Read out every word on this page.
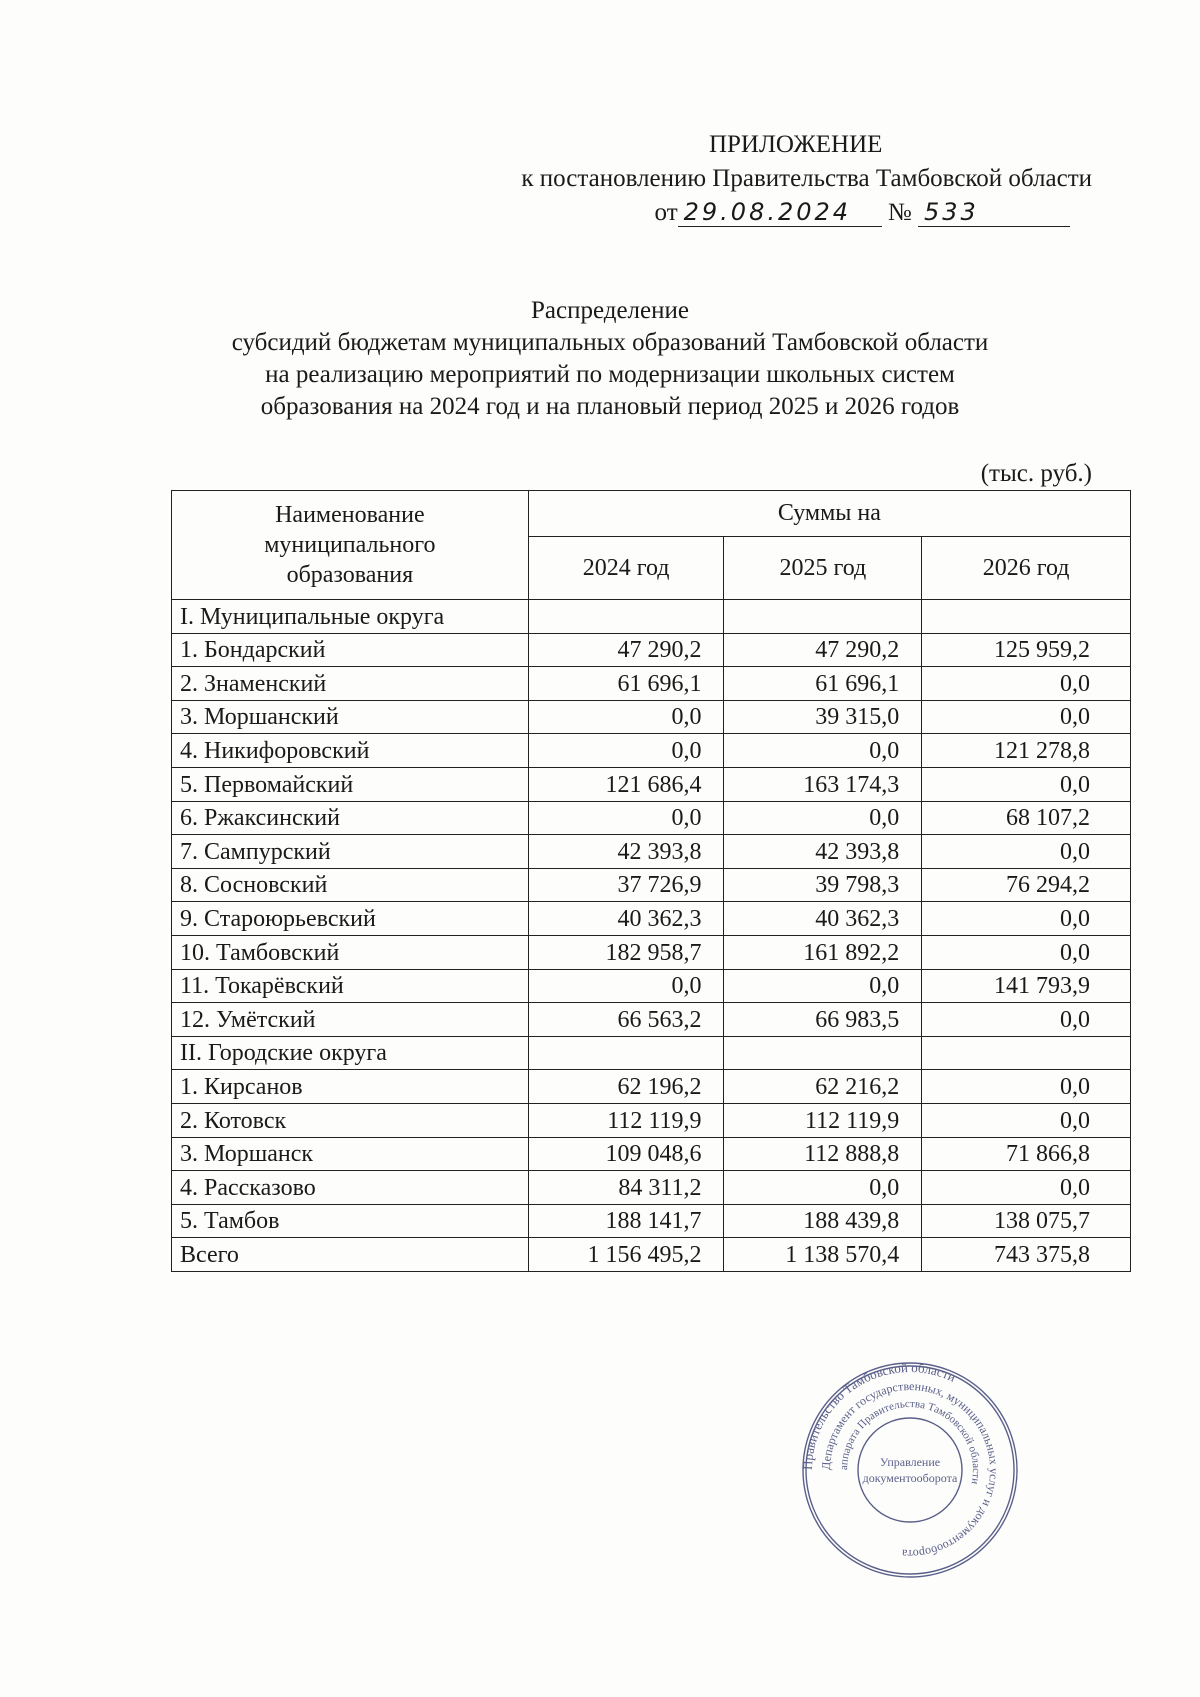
ПРИЛОЖЕНИЕ
к постановлению Правительства Тамбовской области
от 29.08.2024 № 533
Распределение
субсидий бюджетам муниципальных образований Тамбовской области
на реализацию мероприятий по модернизации школьных систем
образования на 2024 год и на плановый период 2025 и 2026 годов
(тыс. руб.)
Наименование муниципального образования	Суммы на		
	2024 год	2025 год	2026 год
I. Муниципальные округа			
1. Бондарский	47 290,2	47 290,2	125 959,2
2. Знаменский	61 696,1	61 696,1	0,0
3. Моршанский	0,0	39 315,0	0,0
4. Никифоровский	0,0	0,0	121 278,8
5. Первомайский	121 686,4	163 174,3	0,0
6. Ржаксинский	0,0	0,0	68 107,2
7. Сампурский	42 393,8	42 393,8	0,0
8. Сосновский	37 726,9	39 798,3	76 294,2
9. Староюрьевский	40 362,3	40 362,3	0,0
10. Тамбовский	182 958,7	161 892,2	0,0
11. Токарёвский	0,0	0,0	141 793,9
12. Умётский	66 563,2	66 983,5	0,0
II. Городские округа			
1. Кирсанов	62 196,2	62 216,2	0,0
2. Котовск	112 119,9	112 119,9	0,0
3. Моршанск	109 048,6	112 888,8	71 866,8
4. Рассказово	84 311,2	0,0	0,0
5. Тамбов	188 141,7	188 439,8	138 075,7
Всего	1 156 495,2	1 138 570,4	743 375,8
Правительство Тамбовской области
Департамент государственных, муниципальных услуг и документооборота
аппарата Правительства Тамбовской области
Управление
документооборота
